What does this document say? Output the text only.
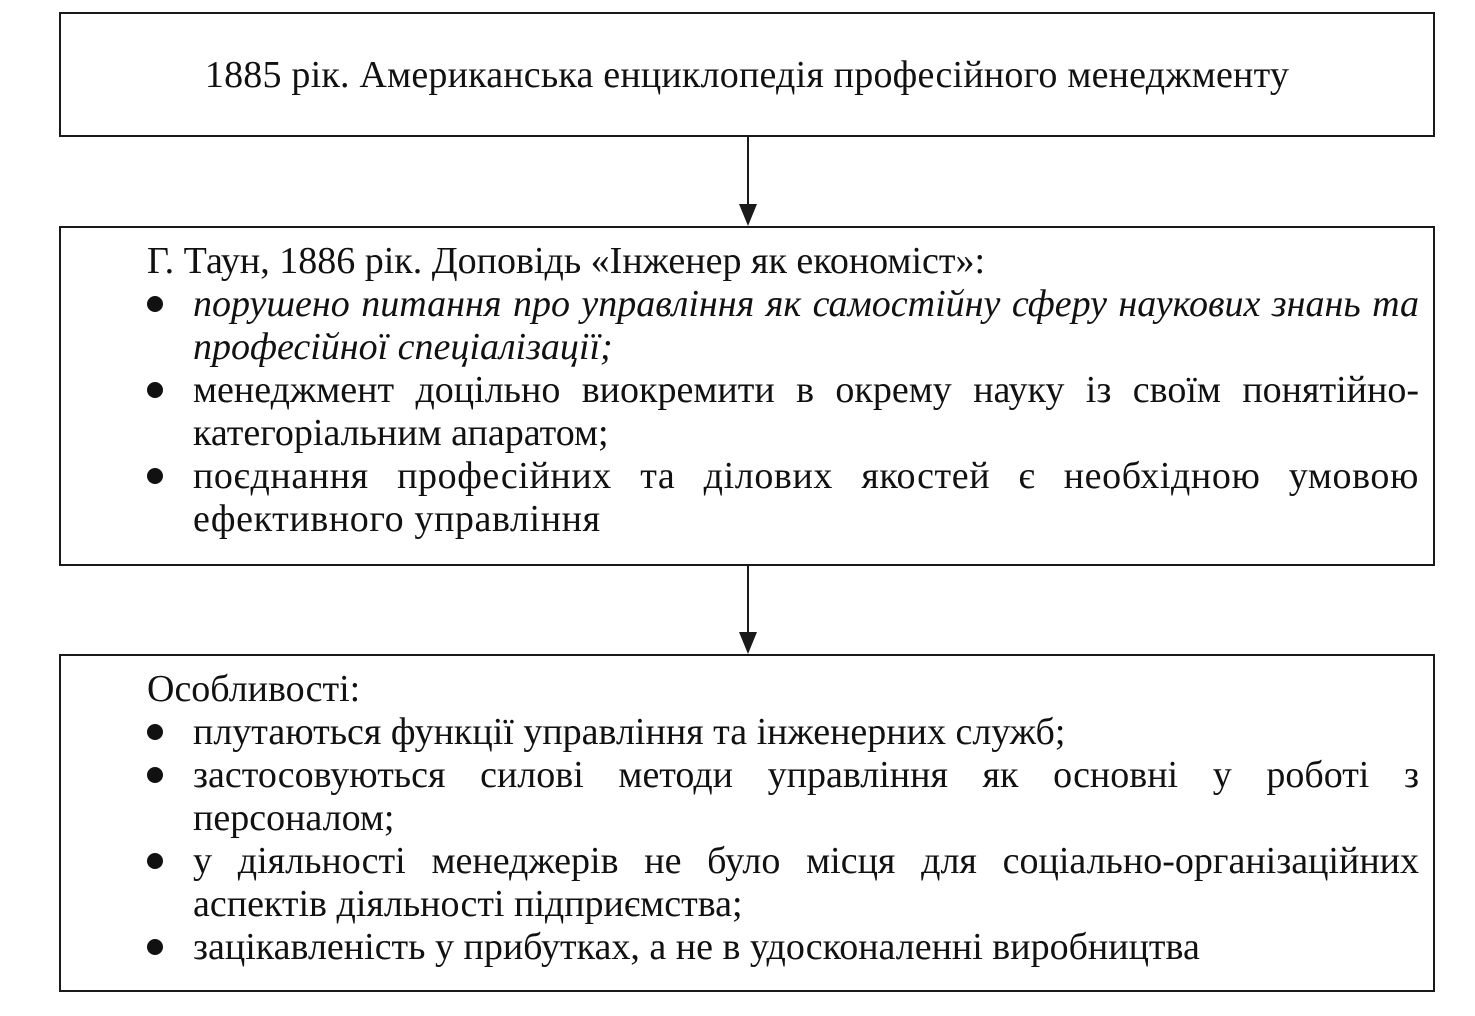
1885 рік. Американська енциклопедія професійного менеджменту
Г. Таун, 1886 рік. Доповідь «Інженер як економіст»:
порушено питання про управління як самостійну сферу наукових знань та професійної спеціалізації;
менеджмент доцільно виокремити в окрему науку із своїм понятійно-категоріальним апаратом;
поєднання професійних та ділових якостей є необхідною умовою ефективного управління
Особливості:
плутаються функції управління та інженерних служб;
застосовуються силові методи управління як основні у роботі з персоналом;
у діяльності менеджерів не було місця для соціально-організаційних аспектів діяльності підприємства;
зацікавленість у прибутках, а не в удосконаленні виробництва
